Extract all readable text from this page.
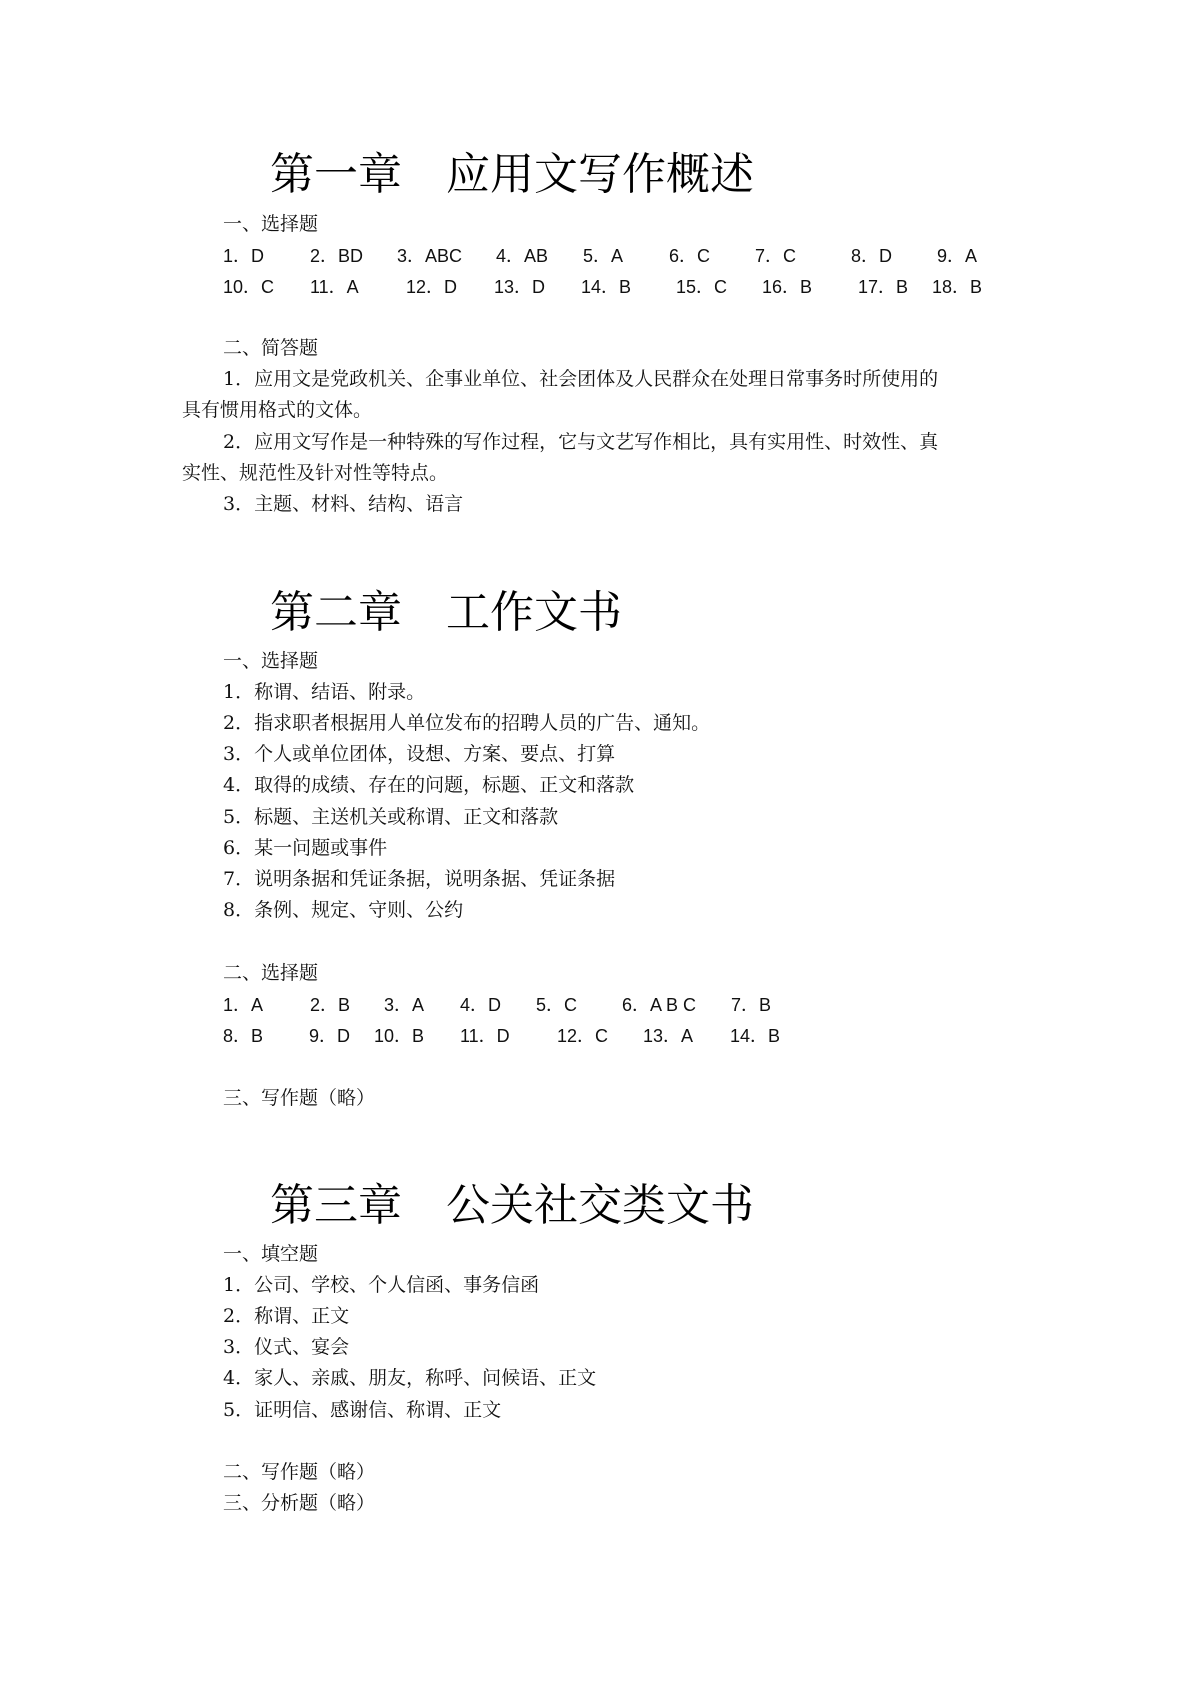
第一章　应用文写作概述
一、选择题
1．D	2．BD 3．ABC 4．AB 5．A	6．C 7．C	8．D 9．A
10．C 11．A	12．D 13．D 14．B 15．C 16．B	17．B 18．B
二、简答题
1．应用文是党政机关、企事业单位、社会团体及人民群众在处理日常事务时所使用的
具有惯用格式的文体。
2．应用文写作是一种特殊的写作过程，它与文艺写作相比，具有实用性、时效性、真
实性、规范性及针对性等特点。
3．主题、材料、结构、语言
第二章　工作文书
一、选择题
1．称谓、结语、附录。
2．指求职者根据用人单位发布的招聘人员的广告、通知。
3．个人或单位团体，设想、方案、要点、打算
4．取得的成绩、存在的问题，标题、正文和落款
5．标题、主送机关或称谓、正文和落款
6．某一问题或事件
7．说明条据和凭证条据，说明条据、凭证条据
8．条例、规定、守则、公约
二、选择题
1．A	2．B 3．A 4．D 5．C 6．A B C 7．B
8．B	9．D 10．B 11．D	12．C 13．A 14．B
三、写作题（略）
第三章　公关社交类文书
一、填空题
1．公司、学校、个人信函、事务信函
2．称谓、正文
3．仪式、宴会
4．家人、亲戚、朋友，称呼、问候语、正文
5．证明信、感谢信、称谓、正文
二、写作题（略）
三、分析题（略）
